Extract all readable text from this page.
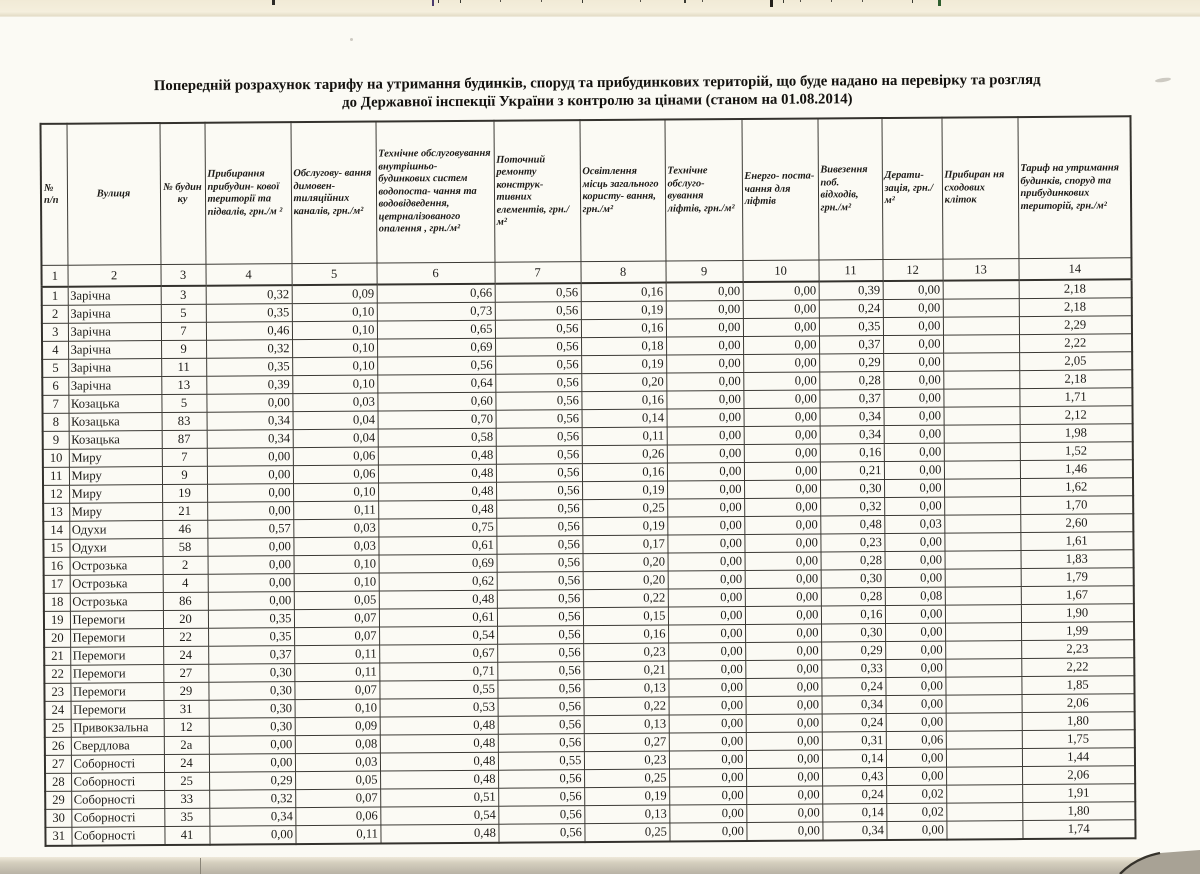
Попередній розрахунок тарифу на утримання будинків, споруд та прибудинкових територій, що буде надано на перевірку та розгляд
до Державної інспекції України з контролю за цінами (станом на 01.08.2014)
№ п/п	Вулиця	№ будин ку	Прибирання прибудин- кової території та підвалів, грн./м ²	Обслугову- вання димовен- тиляційних каналів, грн./м²	Технічне обслуговування внутрішньо- будинкових систем водопоста- чання та водовідведення, цетрналізованого опалення , грн./м²	Поточний ремонту конструк- тивних елементів, грн./м²	Освітлення місць загального користу- вання, грн./м²	Технічне обслуго- вування ліфтів, грн./м²	Енерго- поста- чання для ліфтів	Вивезення поб. відходів, грн./м²	Дерати- зація, грн./м²	Прибиран ня сходових кліток	Тариф на утримання будинків, споруд та прибудинкових територій, грн./м²
1	2	3	4	5	6	7	8	9	10	11	12	13	14
1	Зарічна	3	0,32	0,09	0,66	0,56	0,16	0,00	0,00	0,39	0,00		2,18
2	Зарічна	5	0,35	0,10	0,73	0,56	0,19	0,00	0,00	0,24	0,00		2,18
3	Зарічна	7	0,46	0,10	0,65	0,56	0,16	0,00	0,00	0,35	0,00		2,29
4	Зарічна	9	0,32	0,10	0,69	0,56	0,18	0,00	0,00	0,37	0,00		2,22
5	Зарічна	11	0,35	0,10	0,56	0,56	0,19	0,00	0,00	0,29	0,00		2,05
6	Зарічна	13	0,39	0,10	0,64	0,56	0,20	0,00	0,00	0,28	0,00		2,18
7	Козацька	5	0,00	0,03	0,60	0,56	0,16	0,00	0,00	0,37	0,00		1,71
8	Козацька	83	0,34	0,04	0,70	0,56	0,14	0,00	0,00	0,34	0,00		2,12
9	Козацька	87	0,34	0,04	0,58	0,56	0,11	0,00	0,00	0,34	0,00		1,98
10	Миру	7	0,00	0,06	0,48	0,56	0,26	0,00	0,00	0,16	0,00		1,52
11	Миру	9	0,00	0,06	0,48	0,56	0,16	0,00	0,00	0,21	0,00		1,46
12	Миру	19	0,00	0,10	0,48	0,56	0,19	0,00	0,00	0,30	0,00		1,62
13	Миру	21	0,00	0,11	0,48	0,56	0,25	0,00	0,00	0,32	0,00		1,70
14	Одухи	46	0,57	0,03	0,75	0,56	0,19	0,00	0,00	0,48	0,03		2,60
15	Одухи	58	0,00	0,03	0,61	0,56	0,17	0,00	0,00	0,23	0,00		1,61
16	Острозька	2	0,00	0,10	0,69	0,56	0,20	0,00	0,00	0,28	0,00		1,83
17	Острозька	4	0,00	0,10	0,62	0,56	0,20	0,00	0,00	0,30	0,00		1,79
18	Острозька	86	0,00	0,05	0,48	0,56	0,22	0,00	0,00	0,28	0,08		1,67
19	Перемоги	20	0,35	0,07	0,61	0,56	0,15	0,00	0,00	0,16	0,00		1,90
20	Перемоги	22	0,35	0,07	0,54	0,56	0,16	0,00	0,00	0,30	0,00		1,99
21	Перемоги	24	0,37	0,11	0,67	0,56	0,23	0,00	0,00	0,29	0,00		2,23
22	Перемоги	27	0,30	0,11	0,71	0,56	0,21	0,00	0,00	0,33	0,00		2,22
23	Перемоги	29	0,30	0,07	0,55	0,56	0,13	0,00	0,00	0,24	0,00		1,85
24	Перемоги	31	0,30	0,10	0,53	0,56	0,22	0,00	0,00	0,34	0,00		2,06
25	Привокзальна	12	0,30	0,09	0,48	0,56	0,13	0,00	0,00	0,24	0,00		1,80
26	Свердлова	2а	0,00	0,08	0,48	0,56	0,27	0,00	0,00	0,31	0,06		1,75
27	Соборності	24	0,00	0,03	0,48	0,55	0,23	0,00	0,00	0,14	0,00		1,44
28	Соборності	25	0,29	0,05	0,48	0,56	0,25	0,00	0,00	0,43	0,00		2,06
29	Соборності	33	0,32	0,07	0,51	0,56	0,19	0,00	0,00	0,24	0,02		1,91
30	Соборності	35	0,34	0,06	0,54	0,56	0,13	0,00	0,00	0,14	0,02		1,80
31	Соборності	41	0,00	0,11	0,48	0,56	0,25	0,00	0,00	0,34	0,00		1,74
